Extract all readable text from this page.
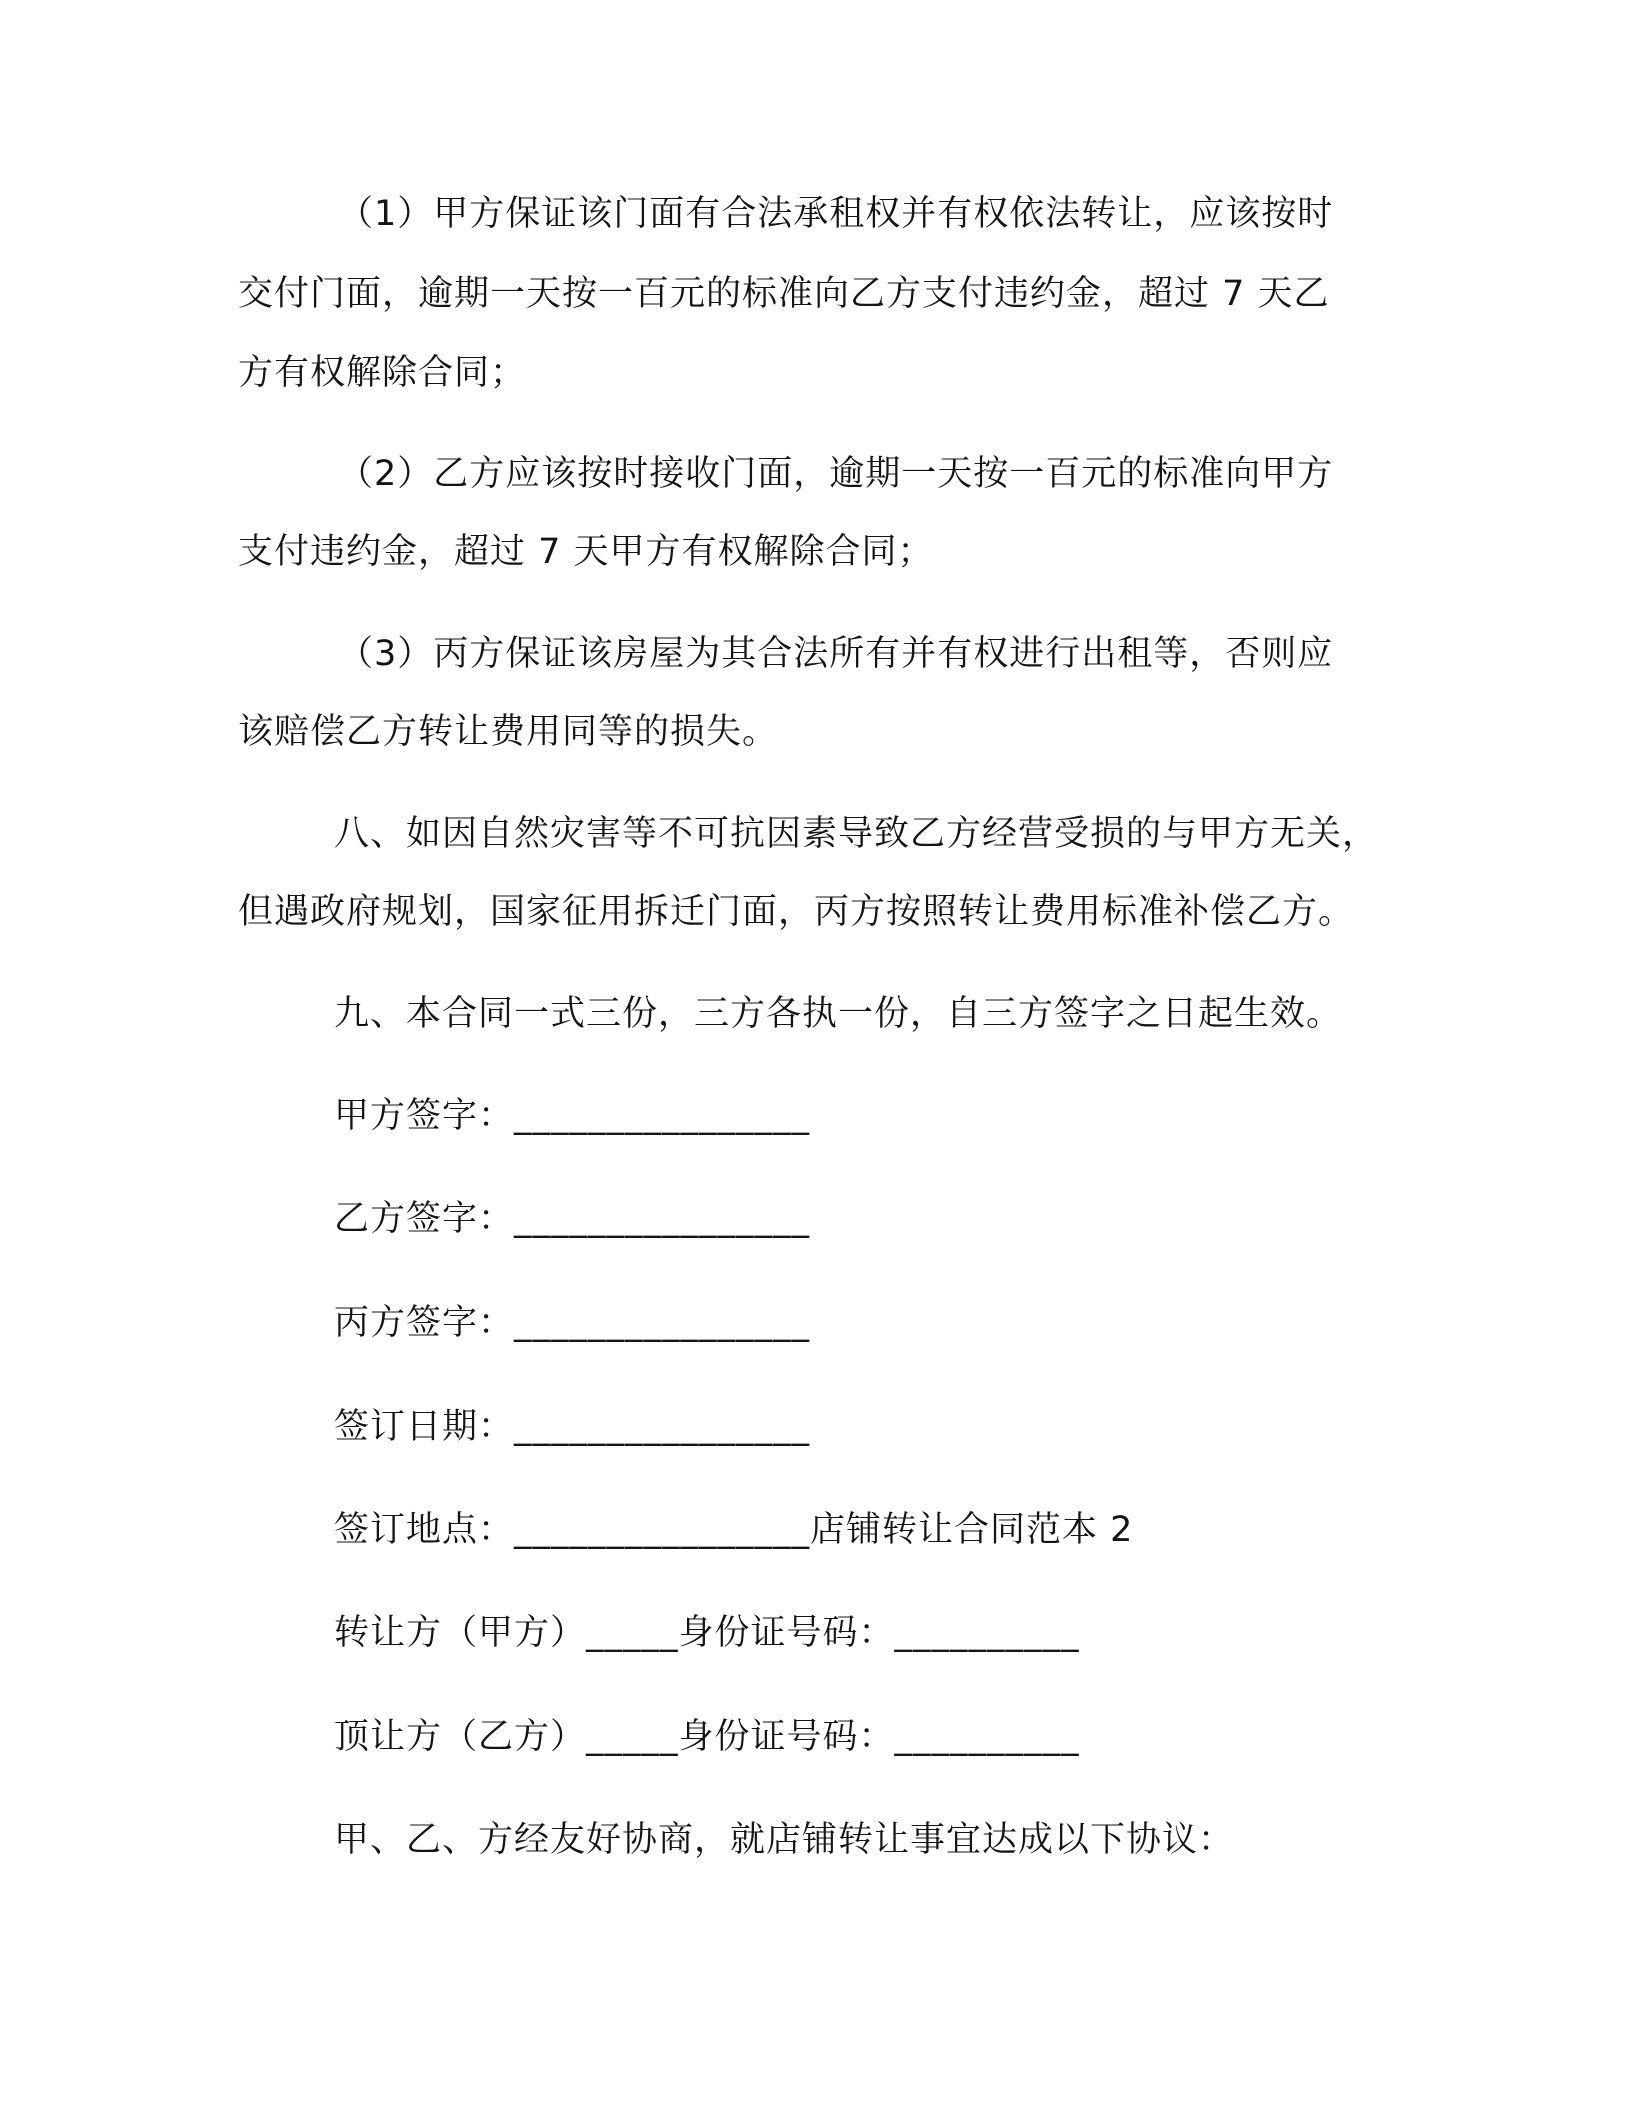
（1）甲方保证该门面有合法承租权并有权依法转让，应该按时
交付门面，逾期一天按一百元的标准向乙方支付违约金，超过 7 天乙
方有权解除合同；
（2）乙方应该按时接收门面，逾期一天按一百元的标准向甲方
支付违约金，超过 7 天甲方有权解除合同；
（3）丙方保证该房屋为其合法所有并有权进行出租等，否则应
该赔偿乙方转让费用同等的损失。
八、如因自然灾害等不可抗因素导致乙方经营受损的与甲方无关，
但遇政府规划，国家征用拆迁门面，丙方按照转让费用标准补偿乙方。
九、本合同一式三份，三方各执一份，自三方签字之日起生效。
甲方签字：________________
乙方签字：________________
丙方签字：________________
签订日期：________________
签订地点：________________店铺转让合同范本 2
转让方（甲方）_____身份证号码：__________
顶让方（乙方）_____身份证号码：__________
甲、乙、方经友好协商，就店铺转让事宜达成以下协议：
